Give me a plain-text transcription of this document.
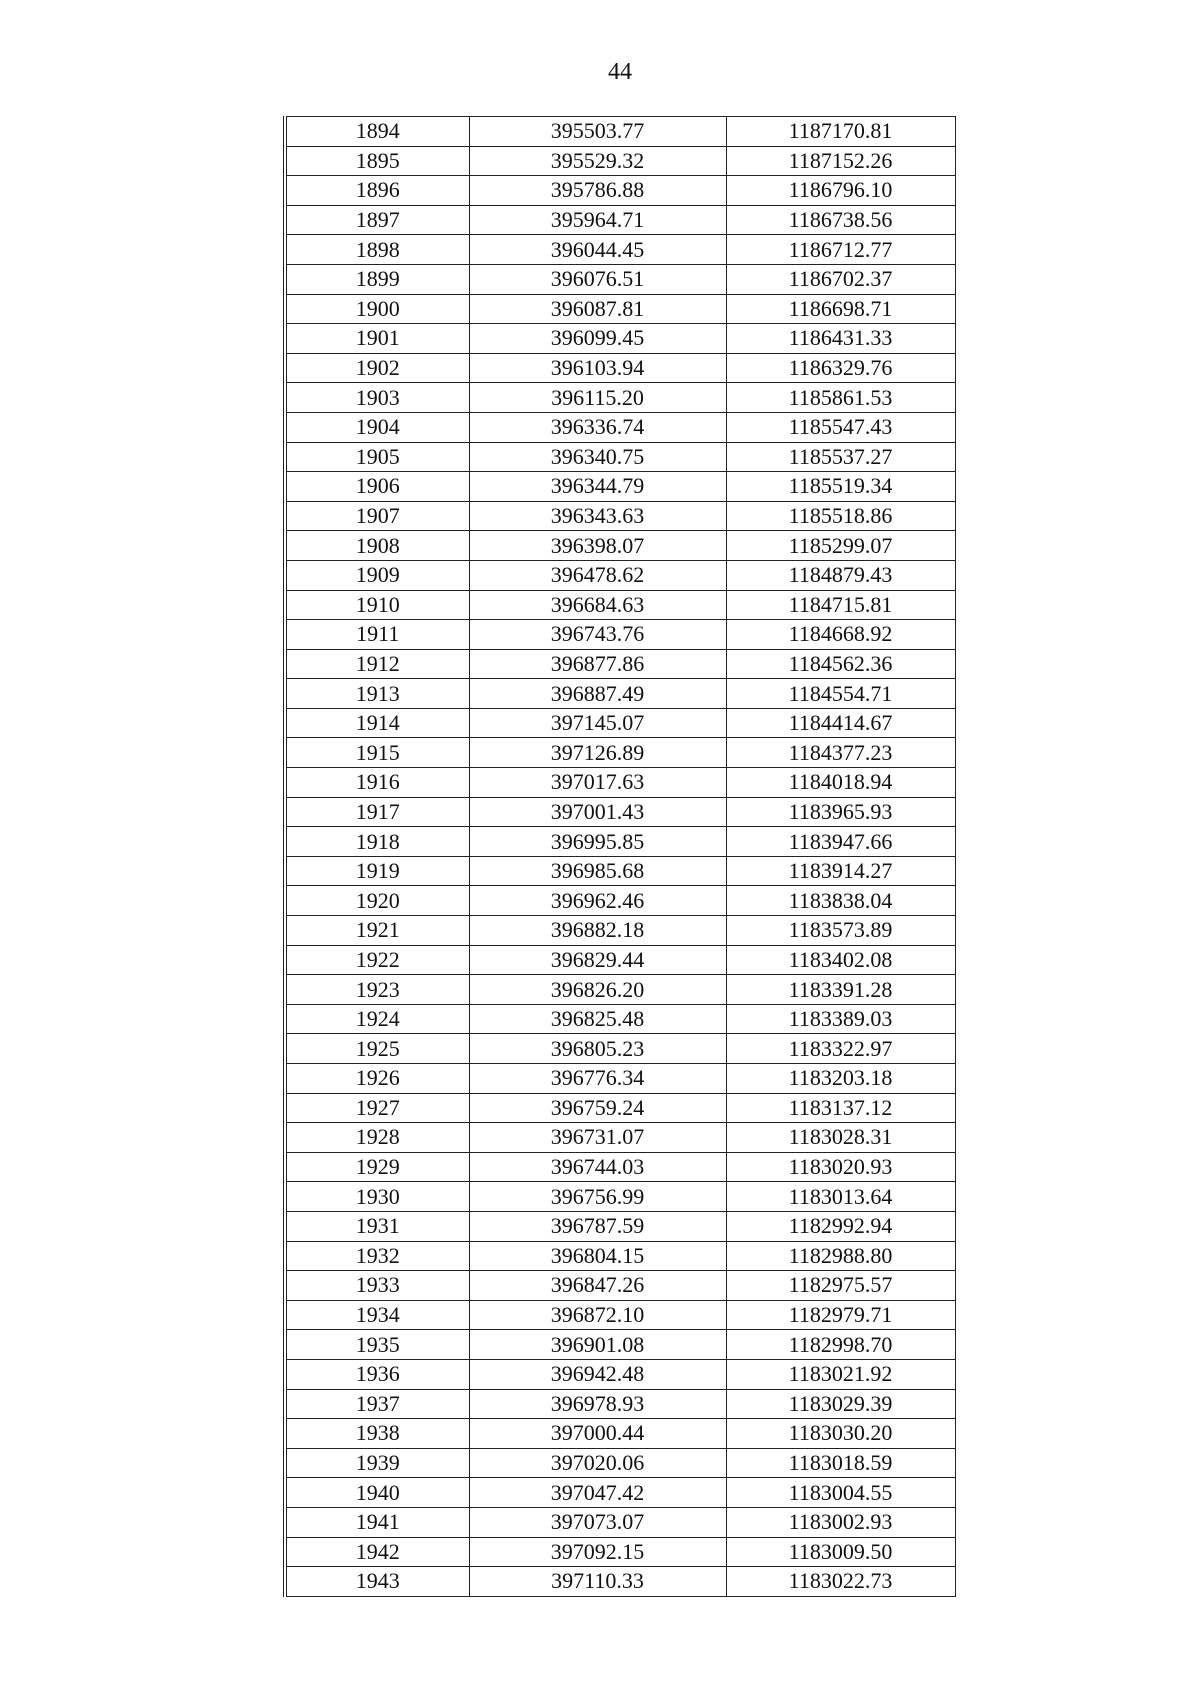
44
1894	395503.77	1187170.81
1895	395529.32	1187152.26
1896	395786.88	1186796.10
1897	395964.71	1186738.56
1898	396044.45	1186712.77
1899	396076.51	1186702.37
1900	396087.81	1186698.71
1901	396099.45	1186431.33
1902	396103.94	1186329.76
1903	396115.20	1185861.53
1904	396336.74	1185547.43
1905	396340.75	1185537.27
1906	396344.79	1185519.34
1907	396343.63	1185518.86
1908	396398.07	1185299.07
1909	396478.62	1184879.43
1910	396684.63	1184715.81
1911	396743.76	1184668.92
1912	396877.86	1184562.36
1913	396887.49	1184554.71
1914	397145.07	1184414.67
1915	397126.89	1184377.23
1916	397017.63	1184018.94
1917	397001.43	1183965.93
1918	396995.85	1183947.66
1919	396985.68	1183914.27
1920	396962.46	1183838.04
1921	396882.18	1183573.89
1922	396829.44	1183402.08
1923	396826.20	1183391.28
1924	396825.48	1183389.03
1925	396805.23	1183322.97
1926	396776.34	1183203.18
1927	396759.24	1183137.12
1928	396731.07	1183028.31
1929	396744.03	1183020.93
1930	396756.99	1183013.64
1931	396787.59	1182992.94
1932	396804.15	1182988.80
1933	396847.26	1182975.57
1934	396872.10	1182979.71
1935	396901.08	1182998.70
1936	396942.48	1183021.92
1937	396978.93	1183029.39
1938	397000.44	1183030.20
1939	397020.06	1183018.59
1940	397047.42	1183004.55
1941	397073.07	1183002.93
1942	397092.15	1183009.50
1943	397110.33	1183022.73
